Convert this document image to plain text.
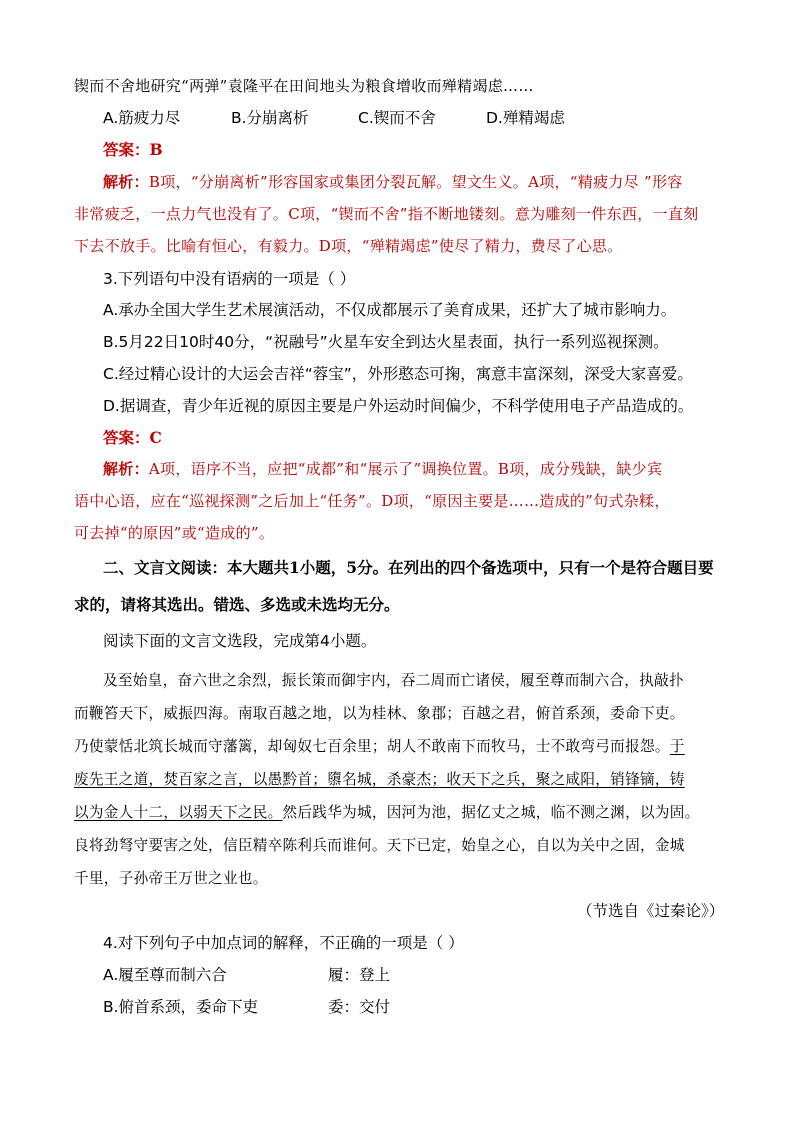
锲而不舍地研究“两弹”袁隆平在田间地头为粮食增收而殚精竭虑……
A.筋疲力尽	B.分崩离析	C.锲而不舍	D.殚精竭虑
答案：B
解析：B项，“分崩离析”形容国家或集团分裂瓦解。望文生义。A项，“精疲力尽 ”形容
非常疲乏，一点力气也没有了。C项，“锲而不舍”指不断地镂刻。意为雕刻一件东西，一直刻
下去不放手。比喻有恒心，有毅力。D项，“殚精竭虑”使尽了精力，费尽了心思。
3.下列语句中没有语病的一项是（ ）
A.承办全国大学生艺术展演活动，不仅成都展示了美育成果，还扩大了城市影响力。
B.5月22日10时40分，“祝融号”火星车安全到达火星表面，执行一系列巡视探测。
C.经过精心设计的大运会吉祥“蓉宝”，外形憨态可掬，寓意丰富深刻，深受大家喜爱。
D.据调查，青少年近视的原因主要是户外运动时间偏少，不科学使用电子产品造成的。
答案：C
解析：A项，语序不当，应把“成都”和“展示了”调换位置。B项，成分残缺，缺少宾
语中心语，应在“巡视探测”之后加上“任务”。D项，“原因主要是……造成的”句式杂糅，
可去掉“的原因”或“造成的”。
二、文言文阅读：本大题共1小题，5分。在列出的四个备选项中，只有一个是符合题目要
求的，请将其选出。错选、多选或未选均无分。
阅读下面的文言文选段，完成第4小题。
及至始皇，奋六世之余烈，振长策而御宇内，吞二周而亡诸侯，履至尊而制六合，执敲扑
而鞭笞天下，威振四海。南取百越之地，以为桂林、象郡；百越之君，俯首系颈，委命下吏。
乃使蒙恬北筑长城而守藩篱，却匈奴七百余里；胡人不敢南下而牧马，士不敢弯弓而报怨。于
废先王之道，焚百家之言，以愚黔首；隳名城，杀豪杰；收天下之兵，聚之咸阳，销锋镝，铸
以为金人十二，以弱天下之民。然后践华为城，因河为池，据亿丈之城，临不测之渊，以为固。
良将劲弩守要害之处，信臣精卒陈利兵而谁何。天下已定，始皇之心，自以为关中之固，金城
千里，子孙帝王万世之业也。
（节选自《过秦论》）
4.对下列句子中加点词的解释，不正确的一项是（ ）
A.履至尊而制六合	履：登上
B.俯首系颈，委命下吏	委：交付
